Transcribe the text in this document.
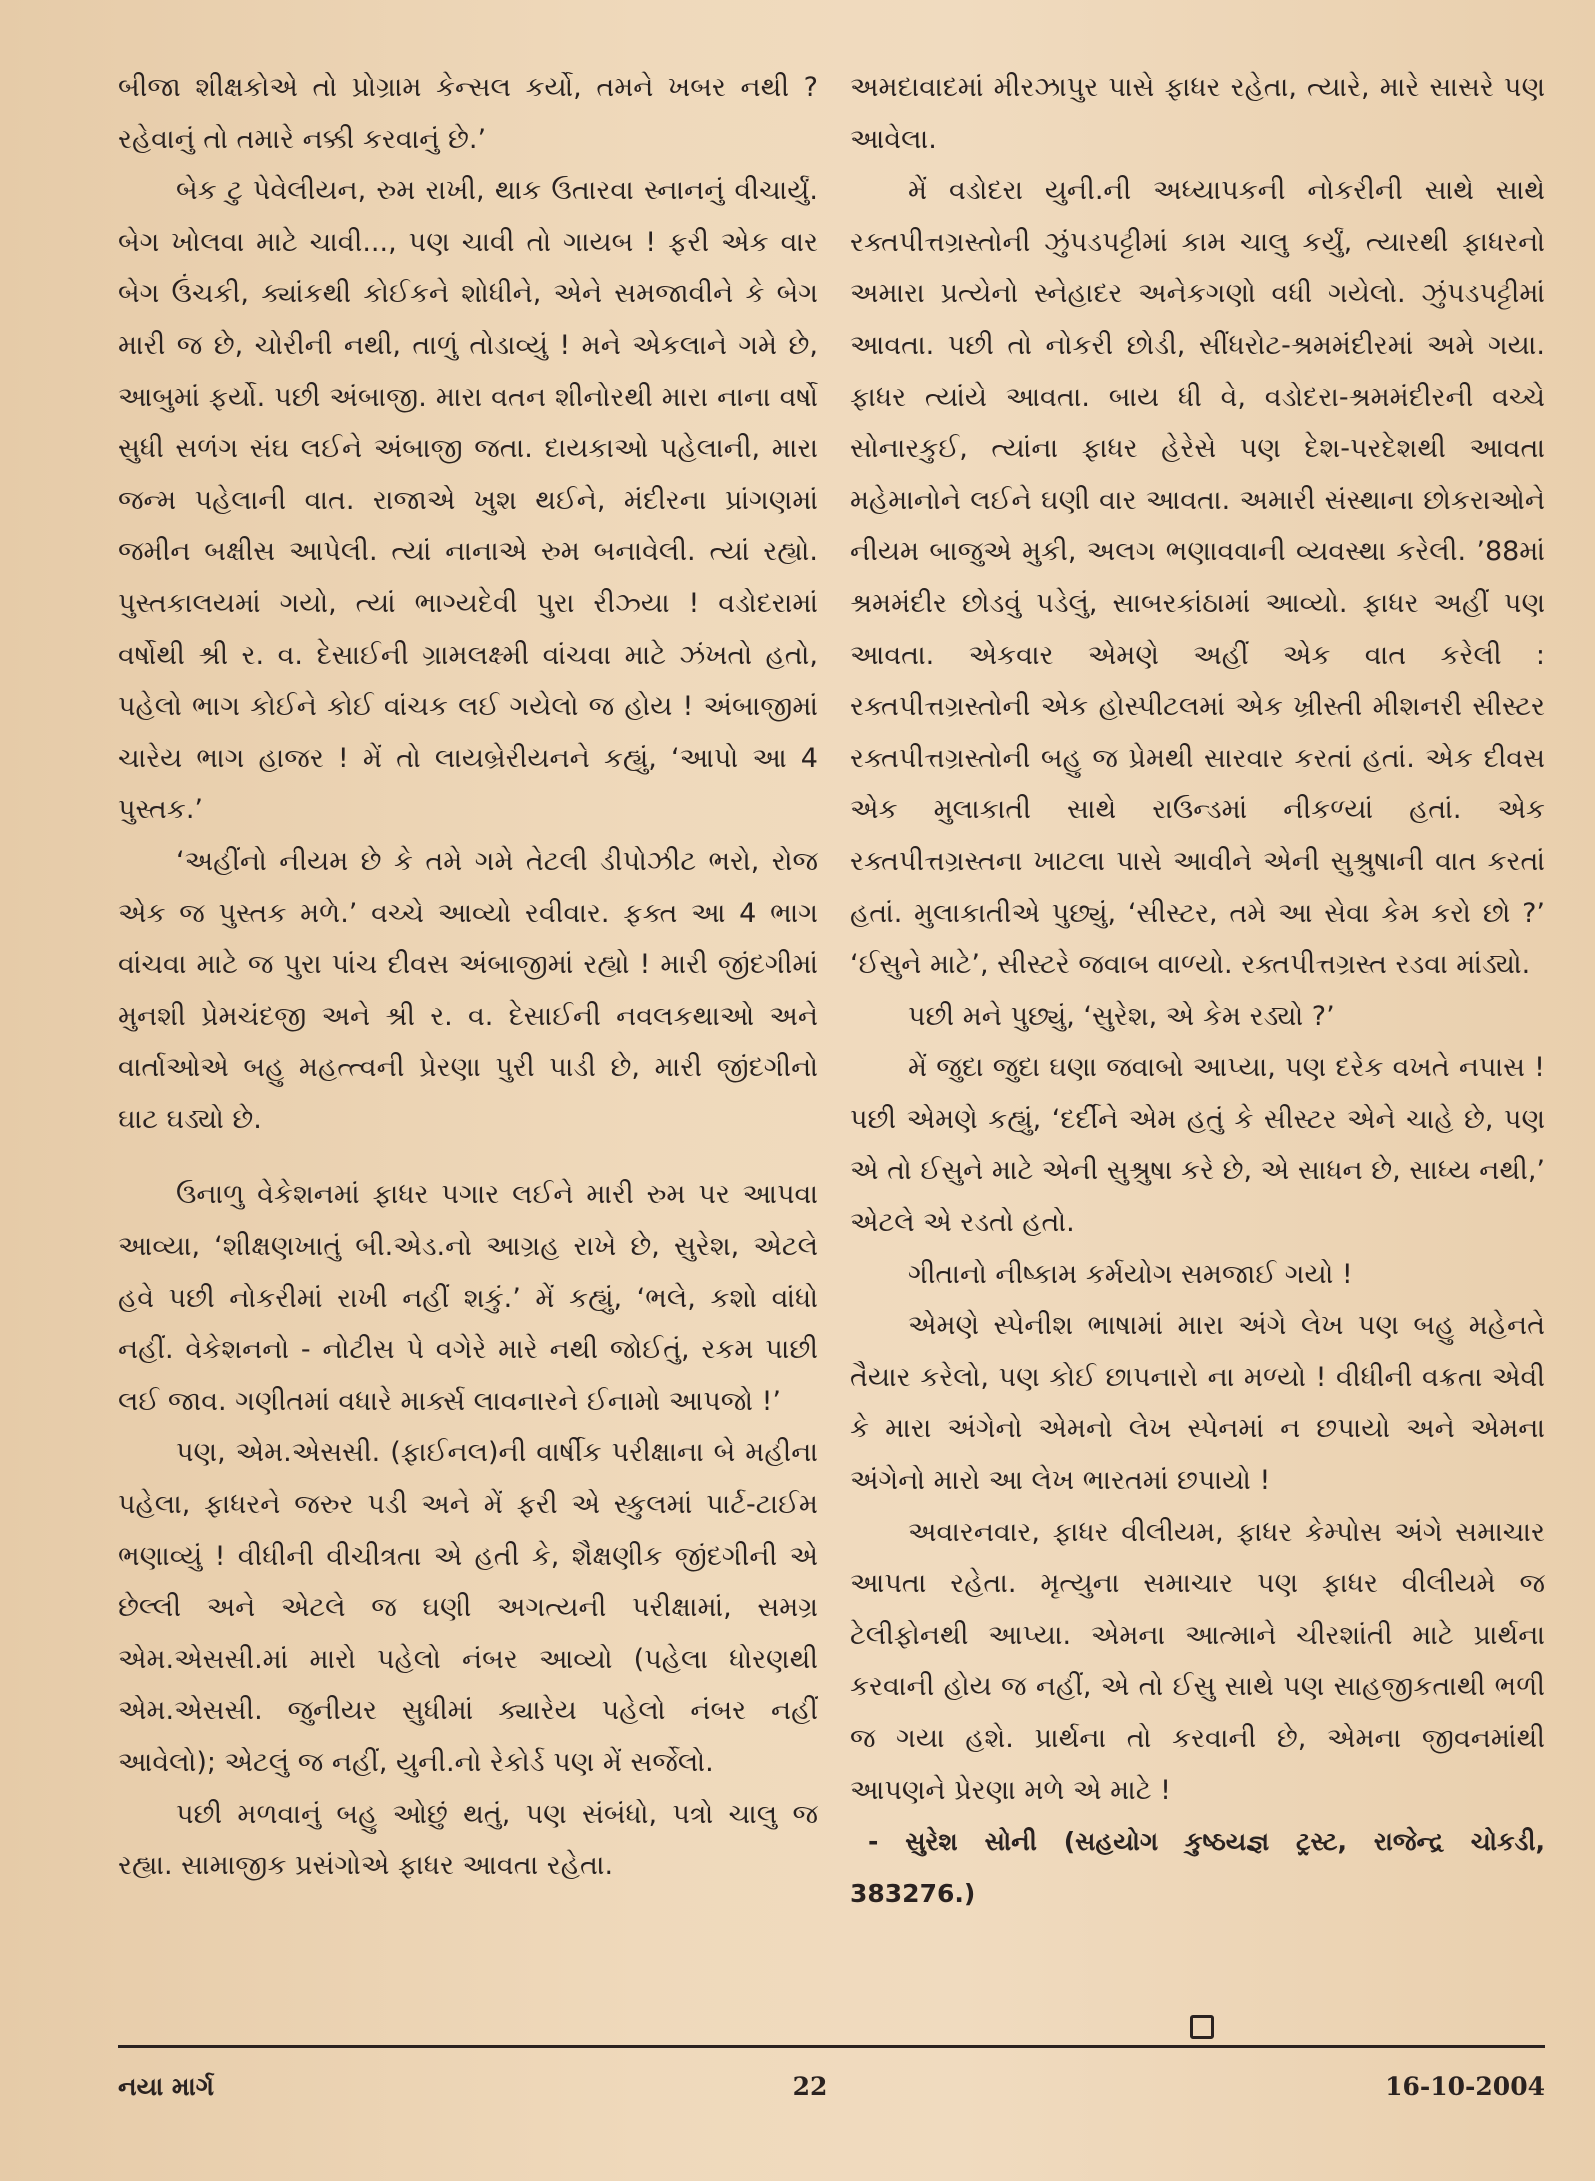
બીજા શીક્ષકોએ તો પ્રોગ્રામ કેન્સલ કર્યો, તમને ખબર નથી ? રહેવાનું તો તમારે નક્કી કરવાનું છે.’

બેક ટુ પેવેલીયન, રુમ રાખી, થાક ઉતારવા સ્નાનનું વીચાર્યું. બેગ ખોલવા માટે ચાવી..., પણ ચાવી તો ગાયબ ! ફરી એક વાર બેગ ઉંચકી, ક્યાંકથી કોઈકને શોધીને, એને સમજાવીને કે બેગ મારી જ છે, ચોરીની નથી, તાળું તોડાવ્યું ! મને એકલાને ગમે છે, આબુમાં ફર્યો. પછી અંબાજી. મારા વતન શીનોરથી મારા નાના વર્ષો સુધી સળંગ સંઘ લઈને અંબાજી જતા. દાયકાઓ પહેલાની, મારા જન્મ પહેલાની વાત. રાજાએ ખુશ થઈને, મંદીરના પ્રાંગણમાં જમીન બક્ષીસ આપેલી. ત્યાં નાનાએ રુમ બનાવેલી. ત્યાં રહ્યો. પુસ્તકાલયમાં ગયો, ત્યાં ભાગ્યદેવી પુરા રીઝ્યા ! વડોદરામાં વર્ષોથી શ્રી ર. વ. દેસાઈની ગ્રામલક્ષ્મી વાંચવા માટે ઝંખતો હતો, પહેલો ભાગ કોઈને કોઈ વાંચક લઈ ગયેલો જ હોય ! અંબાજીમાં ચારેય ભાગ હાજર ! મેં તો લાયબ્રેરીયનને કહ્યું, ‘આપો આ 4 પુસ્તક.’

‘અહીંનો નીયમ છે કે તમે ગમે તેટલી ડીપોઝીટ ભરો, રોજ એક જ પુસ્તક મળે.’ વચ્ચે આવ્યો રવીવાર. ફક્ત આ 4 ભાગ વાંચવા માટે જ પુરા પાંચ દીવસ અંબાજીમાં રહ્યો ! મારી જીંદગીમાં મુનશી પ્રેમચંદજી અને શ્રી ર. વ. દેસાઈની નવલકથાઓ અને વાર્તાઓએ બહુ મહત્ત્વની પ્રેરણા પુરી પાડી છે, મારી જીંદગીનો ઘાટ ઘડ્યો છે.

ઉનાળુ વેકેશનમાં ફાધર પગાર લઈને મારી રુમ પર આપવા આવ્યા, ‘શીક્ષણખાતું બી.એડ.નો આગ્રહ રાખે છે, સુરેશ, એટલે હવે પછી નોકરીમાં રાખી નહીં શકું.’ મેં કહ્યું, ‘ભલે, કશો વાંધો નહીં. વેકેશનનો - નોટીસ પે વગેરે મારે નથી જોઈતું, રકમ પાછી લઈ જાવ. ગણીતમાં વધારે માર્ક્સ લાવનારને ઈનામો આપજો !’

પણ, એમ.એસસી. (ફાઈનલ)ની વાર્ષીક પરીક્ષાના બે મહીના પહેલા, ફાધરને જરુર પડી અને મેં ફરી એ સ્કુલમાં પાર્ટ-ટાઈમ ભણાવ્યું ! વીધીની વીચીત્રતા એ હતી કે, શૈક્ષણીક જીંદગીની એ છેલ્લી અને એટલે જ ઘણી અગત્યની પરીક્ષામાં, સમગ્ર એમ.એસસી.માં મારો પહેલો નંબર આવ્યો (પહેલા ધોરણથી એમ.એસસી. જુનીયર સુધીમાં ક્યારેય પહેલો નંબર નહીં આવેલો); એટલું જ નહીં, યુની.નો રેકોર્ડ પણ મેં સર્જેલો.

પછી મળવાનું બહુ ઓછું થતું, પણ સંબંધો, પત્રો ચાલુ જ રહ્યા. સામાજીક પ્રસંગોએ ફાધર આવતા રહેતા.

અમદાવાદમાં મીરઝાપુર પાસે ફાધર રહેતા, ત્યારે, મારે સાસરે પણ આવેલા.

મેં વડોદરા યુની.ની અધ્યાપકની નોકરીની સાથે સાથે રક્તપીત્તગ્રસ્તોની ઝુંપડપટ્ટીમાં કામ ચાલુ કર્યું, ત્યારથી ફાધરનો અમારા પ્રત્યેનો સ્નેહાદર અનેકગણો વધી ગયેલો. ઝુંપડપટ્ટીમાં આવતા. પછી તો નોકરી છોડી, સીંધરોટ-શ્રમમંદીરમાં અમે ગયા. ફાધર ત્યાંયે આવતા. બાય ધી વે, વડોદરા-શ્રમમંદીરની વચ્ચે સોનારકુઈ, ત્યાંના ફાધર હેરેસે પણ દેશ-પરદેશથી આવતા મહેમાનોને લઈને ઘણી વાર આવતા. અમારી સંસ્થાના છોકરાઓને નીયમ બાજુએ મુકી, અલગ ભણાવવાની વ્યવસ્થા કરેલી. ’88માં શ્રમમંદીર છોડવું પડેલું, સાબરકાંઠામાં આવ્યો. ફાધર અહીં પણ આવતા. એકવાર એમણે અહીં એક વાત કરેલી : રક્તપીત્તગ્રસ્તોની એક હોસ્પીટલમાં એક ખ્રીસ્તી મીશનરી સીસ્ટર રક્તપીત્તગ્રસ્તોની બહુ જ પ્રેમથી સારવાર કરતાં હતાં. એક દીવસ એક મુલાકાતી સાથે રાઉન્ડમાં નીકળ્યાં હતાં. એક રક્તપીત્તગ્રસ્તના ખાટલા પાસે આવીને એની સુશ્રુષાની વાત કરતાં હતાં. મુલાકાતીએ પુછ્યું, ‘સીસ્ટર, તમે આ સેવા કેમ કરો છો ?’ ‘ઈસુને માટે’, સીસ્ટરે જવાબ વાળ્યો. રક્તપીત્તગ્રસ્ત રડવા માંડ્યો.

પછી મને પુછ્યું, ‘સુરેશ, એ કેમ રડ્યો ?’

મેં જુદા જુદા ઘણા જવાબો આપ્યા, પણ દરેક વખતે નપાસ ! પછી એમણે કહ્યું, ‘દર્દીને એમ હતું કે સીસ્ટર એને ચાહે છે, પણ એ તો ઈસુને માટે એની સુશ્રુષા કરે છે, એ સાધન છે, સાધ્ય નથી,’ એટલે એ રડતો હતો.

ગીતાનો નીષ્કામ કર્મયોગ સમજાઈ ગયો !

એમણે સ્પેનીશ ભાષામાં મારા અંગે લેખ પણ બહુ મહેનતે તૈયાર કરેલો, પણ કોઈ છાપનારો ના મળ્યો ! વીધીની વક્રતા એવી કે મારા અંગેનો એમનો લેખ સ્પેનમાં ન છપાયો અને એમના અંગેનો મારો આ લેખ ભારતમાં છપાયો !

અવારનવાર, ફાધર વીલીયમ, ફાધર કેમ્પોસ અંગે સમાચાર આપતા રહેતા. મૃત્યુના સમાચાર પણ ફાધર વીલીયમે જ ટેલીફોનથી આપ્યા. એમના આત્માને ચીરશાંતી માટે પ્રાર્થના કરવાની હોય જ નહીં, એ તો ઈસુ સાથે પણ સાહજીકતાથી ભળી જ ગયા હશે. પ્રાર્થના તો કરવાની છે, એમના જીવનમાંથી આપણને પ્રેરણા મળે એ માટે !

- સુરેશ સોની (સહયોગ કુષ્ઠયજ્ઞ ટ્રસ્ટ, રાજેન્દ્ર ચોકડી, 383276.)

નયા માર્ગ	22	16-10-2004
